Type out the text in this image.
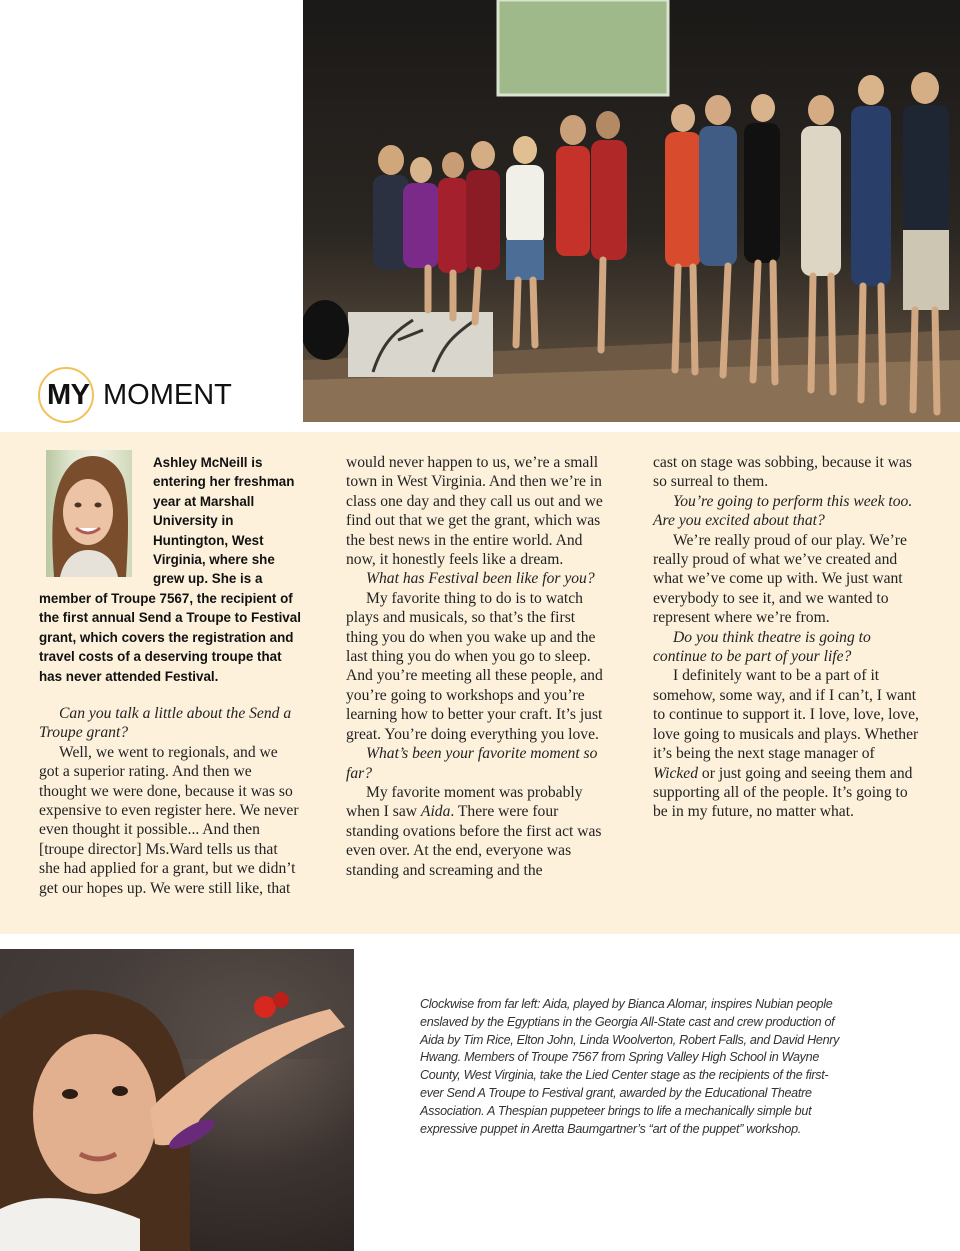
MY MOMENT

Ashley McNeill is entering her freshman year at Marshall University in Huntington, West Virginia, where she grew up. She is a

member of Troupe 7567, the recipient of the first annual Send a Troupe to Festival grant, which covers the registration and travel costs of a deserving troupe that has never attended Festival.

Can you talk a little about the Send a Troupe grant?

Well, we went to regionals, and we got a superior rating. And then we thought we were done, because it was so expensive to even register here. We never even thought it possible... And then [troupe director] Ms.Ward tells us that she had applied for a grant, but we didn’t get our hopes up. We were still like, that

would never happen to us, we’re a small town in West Virginia. And then we’re in class one day and they call us out and we find out that we get the grant, which was the best news in the entire world. And now, it honestly feels like a dream.

What has Festival been like for you?

My favorite thing to do is to watch plays and musicals, so that’s the first thing you do when you wake up and the last thing you do when you go to sleep. And you’re meeting all these people, and you’re going to workshops and you’re learning how to better your craft. It’s just great. You’re doing everything you love.

What’s been your favorite moment so far?

My favorite moment was probably when I saw Aida. There were four standing ovations before the first act was even over. At the end, everyone was standing and screaming and the

cast on stage was sobbing, because it was so surreal to them.

You’re going to perform this week too. Are you excited about that?

We’re really proud of our play. We’re really proud of what we’ve created and what we’ve come up with. We just want everybody to see it, and we wanted to represent where we’re from.

Do you think theatre is going to continue to be part of your life?

I definitely want to be a part of it somehow, some way, and if I can’t, I want to continue to support it. I love, love, love, love going to musicals and plays. Whether it’s being the next stage manager of Wicked or just going and seeing them and supporting all of the people. It’s going to be in my future, no matter what.

Clockwise from far left: Aida, played by Bianca Alomar, inspires Nubian people enslaved by the Egyptians in the Georgia All-State cast and crew production of Aida by Tim Rice, Elton John, Linda Woolverton, Robert Falls, and David Henry Hwang. Members of Troupe 7567 from Spring Valley High School in Wayne County, West Virginia, take the Lied Center stage as the recipients of the first-ever Send A Troupe to Festival grant, awarded by the Educational Theatre Association. A Thespian puppeteer brings to life a mechanically simple but expressive puppet in Aretta Baumgartner’s “art of the puppet” workshop.
